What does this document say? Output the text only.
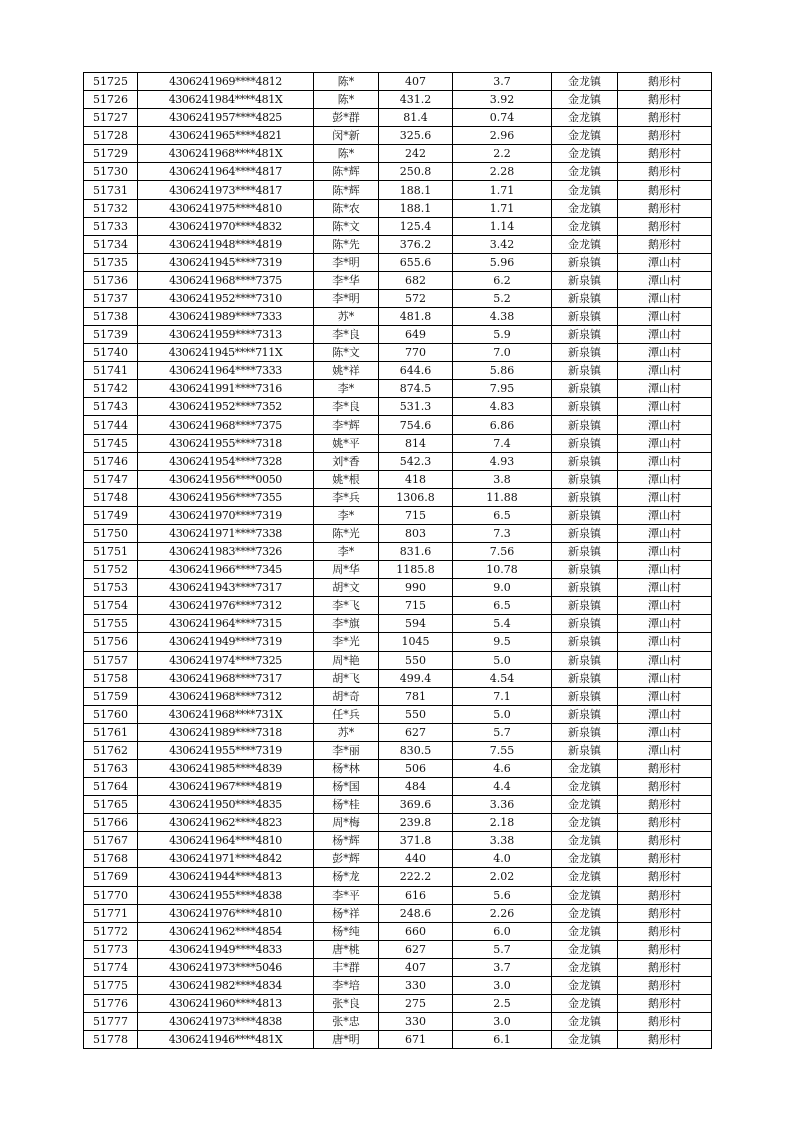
51725	4306241969****4812	陈*	407	3.7	金龙镇	鹅形村
51726	4306241984****481X	陈*	431.2	3.92	金龙镇	鹅形村
51727	4306241957****4825	彭*群	81.4	0.74	金龙镇	鹅形村
51728	4306241965****4821	闵*新	325.6	2.96	金龙镇	鹅形村
51729	4306241968****481X	陈*	242	2.2	金龙镇	鹅形村
51730	4306241964****4817	陈*辉	250.8	2.28	金龙镇	鹅形村
51731	4306241973****4817	陈*辉	188.1	1.71	金龙镇	鹅形村
51732	4306241975****4810	陈*农	188.1	1.71	金龙镇	鹅形村
51733	4306241970****4832	陈*文	125.4	1.14	金龙镇	鹅形村
51734	4306241948****4819	陈*先	376.2	3.42	金龙镇	鹅形村
51735	4306241945****7319	李*明	655.6	5.96	新泉镇	潭山村
51736	4306241968****7375	李*华	682	6.2	新泉镇	潭山村
51737	4306241952****7310	李*明	572	5.2	新泉镇	潭山村
51738	4306241989****7333	苏*	481.8	4.38	新泉镇	潭山村
51739	4306241959****7313	李*良	649	5.9	新泉镇	潭山村
51740	4306241945****711X	陈*文	770	7.0	新泉镇	潭山村
51741	4306241964****7333	姚*祥	644.6	5.86	新泉镇	潭山村
51742	4306241991****7316	李*	874.5	7.95	新泉镇	潭山村
51743	4306241952****7352	李*良	531.3	4.83	新泉镇	潭山村
51744	4306241968****7375	李*辉	754.6	6.86	新泉镇	潭山村
51745	4306241955****7318	姚*平	814	7.4	新泉镇	潭山村
51746	4306241954****7328	刘*香	542.3	4.93	新泉镇	潭山村
51747	4306241956****0050	姚*根	418	3.8	新泉镇	潭山村
51748	4306241956****7355	李*兵	1306.8	11.88	新泉镇	潭山村
51749	4306241970****7319	李*	715	6.5	新泉镇	潭山村
51750	4306241971****7338	陈*光	803	7.3	新泉镇	潭山村
51751	4306241983****7326	李*	831.6	7.56	新泉镇	潭山村
51752	4306241966****7345	周*华	1185.8	10.78	新泉镇	潭山村
51753	4306241943****7317	胡*文	990	9.0	新泉镇	潭山村
51754	4306241976****7312	李*飞	715	6.5	新泉镇	潭山村
51755	4306241964****7315	李*旗	594	5.4	新泉镇	潭山村
51756	4306241949****7319	李*光	1045	9.5	新泉镇	潭山村
51757	4306241974****7325	周*艳	550	5.0	新泉镇	潭山村
51758	4306241968****7317	胡*飞	499.4	4.54	新泉镇	潭山村
51759	4306241968****7312	胡*奇	781	7.1	新泉镇	潭山村
51760	4306241968****731X	任*兵	550	5.0	新泉镇	潭山村
51761	4306241989****7318	苏*	627	5.7	新泉镇	潭山村
51762	4306241955****7319	李*丽	830.5	7.55	新泉镇	潭山村
51763	4306241985****4839	杨*林	506	4.6	金龙镇	鹅形村
51764	4306241967****4819	杨*国	484	4.4	金龙镇	鹅形村
51765	4306241950****4835	杨*桂	369.6	3.36	金龙镇	鹅形村
51766	4306241962****4823	周*梅	239.8	2.18	金龙镇	鹅形村
51767	4306241964****4810	杨*辉	371.8	3.38	金龙镇	鹅形村
51768	4306241971****4842	彭*辉	440	4.0	金龙镇	鹅形村
51769	4306241944****4813	杨*龙	222.2	2.02	金龙镇	鹅形村
51770	4306241955****4838	李*平	616	5.6	金龙镇	鹅形村
51771	4306241976****4810	杨*祥	248.6	2.26	金龙镇	鹅形村
51772	4306241962****4854	杨*纯	660	6.0	金龙镇	鹅形村
51773	4306241949****4833	唐*桃	627	5.7	金龙镇	鹅形村
51774	4306241973****5046	丰*群	407	3.7	金龙镇	鹅形村
51775	4306241982****4834	李*培	330	3.0	金龙镇	鹅形村
51776	4306241960****4813	张*良	275	2.5	金龙镇	鹅形村
51777	4306241973****4838	张*忠	330	3.0	金龙镇	鹅形村
51778	4306241946****481X	唐*明	671	6.1	金龙镇	鹅形村
